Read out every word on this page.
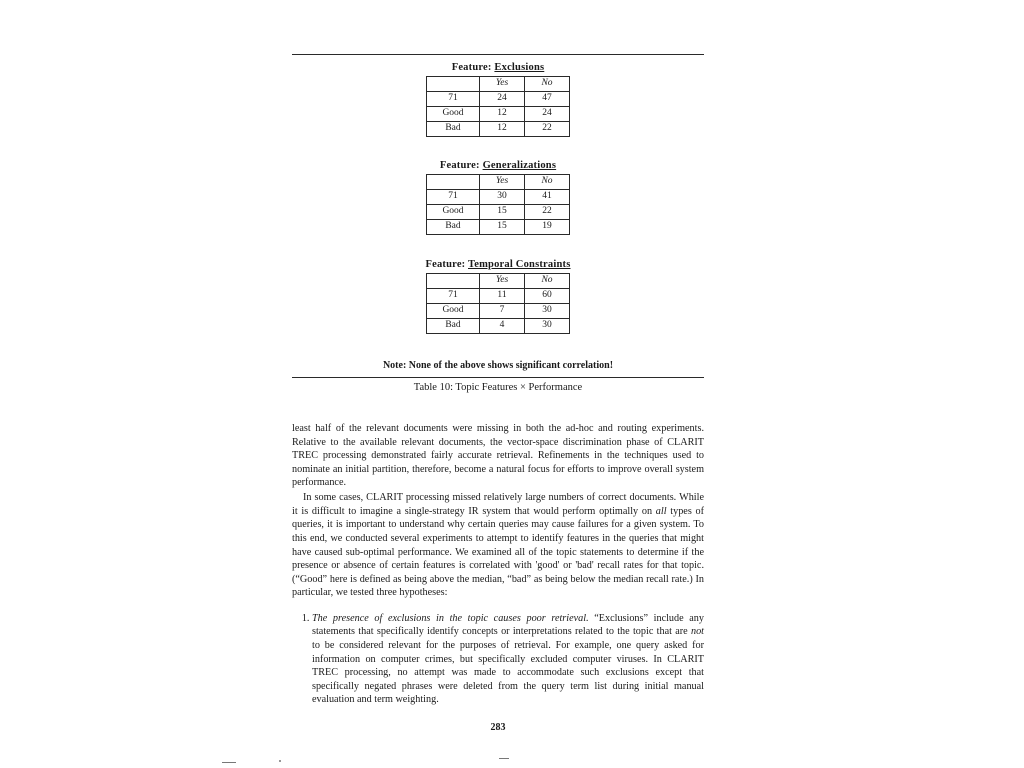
Feature: Exclusions
	Yes	No
71	24	47
Good	12	24
Bad	12	22
Feature: Generalizations
	Yes	No
71	30	41
Good	15	22
Bad	15	19
Feature: Temporal Constraints
	Yes	No
71	11	60
Good	7	30
Bad	4	30
Note: None of the above shows significant correlation!
Table 10: Topic Features × Performance

least half of the relevant documents were missing in both the ad-hoc and routing experiments. Relative to the available relevant documents, the vector-space discrimination phase of CLARIT TREC processing demonstrated fairly accurate retrieval. Refinements in the techniques used to nominate an initial partition, therefore, become a natural focus for efforts to improve overall system performance.

In some cases, CLARIT processing missed relatively large numbers of correct documents. While it is difficult to imagine a single-strategy IR system that would perform optimally on all types of queries, it is important to understand why certain queries may cause failures for a given system. To this end, we conducted several experiments to attempt to identify features in the queries that might have caused sub-optimal performance. We examined all of the topic statements to determine if the presence or absence of certain features is correlated with 'good' or 'bad' recall rates for that topic. (“Good” here is defined as being above the median, “bad” as being below the median recall rate.) In particular, we tested three hypotheses:

1. The presence of exclusions in the topic causes poor retrieval. “Exclusions” include any statements that specifically identify concepts or interpretations related to the topic that are not to be considered relevant for the purposes of retrieval. For example, one query asked for information on computer crimes, but specifically excluded computer viruses. In CLARIT TREC processing, no attempt was made to accommodate such exclusions except that specifically negated phrases were deleted from the query term list during initial manual evaluation and term weighting.
283
